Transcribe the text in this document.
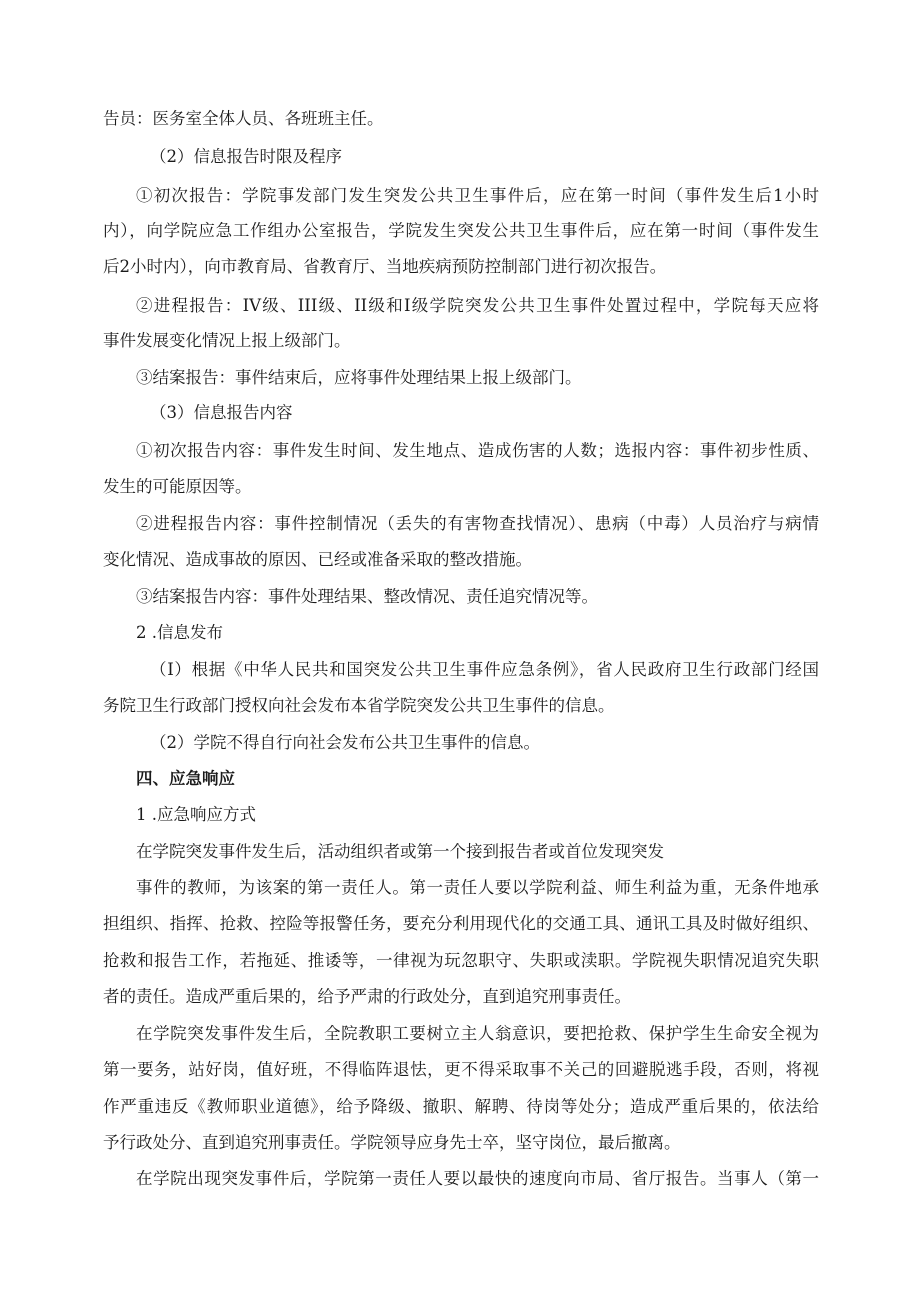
告员：医务室全体人员、各班班主任。
（2）信息报告时限及程序
①初次报告：学院事发部门发生突发公共卫生事件后，应在第一时间（事件发生后1小时
内），向学院应急工作组办公室报告，学院发生突发公共卫生事件后，应在第一时间（事件发生
后2小时内），向市教育局、省教育厅、当地疾病预防控制部门进行初次报告。
②进程报告：IV级、III级、II级和I级学院突发公共卫生事件处置过程中，学院每天应将
事件发展变化情况上报上级部门。
③结案报告：事件结束后，应将事件处理结果上报上级部门。
（3）信息报告内容
①初次报告内容：事件发生时间、发生地点、造成伤害的人数；选报内容：事件初步性质、
发生的可能原因等。
②进程报告内容：事件控制情况（丢失的有害物查找情况）、患病（中毒）人员治疗与病情
变化情况、造成事故的原因、已经或准备采取的整改措施。
③结案报告内容：事件处理结果、整改情况、责任追究情况等。
2 .信息发布
（I）根据《中华人民共和国突发公共卫生事件应急条例》，省人民政府卫生行政部门经国
务院卫生行政部门授权向社会发布本省学院突发公共卫生事件的信息。
（2）学院不得自行向社会发布公共卫生事件的信息。
四、应急响应
1 .应急响应方式
在学院突发事件发生后，活动组织者或第一个接到报告者或首位发现突发
事件的教师，为该案的第一责任人。第一责任人要以学院利益、师生利益为重，无条件地承
担组织、指挥、抢救、控险等报警任务，要充分利用现代化的交通工具、通讯工具及时做好组织、
抢救和报告工作，若拖延、推诿等，一律视为玩忽职守、失职或渎职。学院视失职情况追究失职
者的责任。造成严重后果的，给予严肃的行政处分，直到追究刑事责任。
在学院突发事件发生后，全院教职工要树立主人翁意识，要把抢救、保护学生生命安全视为
第一要务，站好岗，值好班，不得临阵退怯，更不得采取事不关己的回避脱逃手段，否则，将视
作严重违反《教师职业道德》，给予降级、撤职、解聘、待岗等处分；造成严重后果的，依法给
予行政处分、直到追究刑事责任。学院领导应身先士卒，坚守岗位，最后撤离。
在学院出现突发事件后，学院第一责任人要以最快的速度向市局、省厅报告。当事人（第一
